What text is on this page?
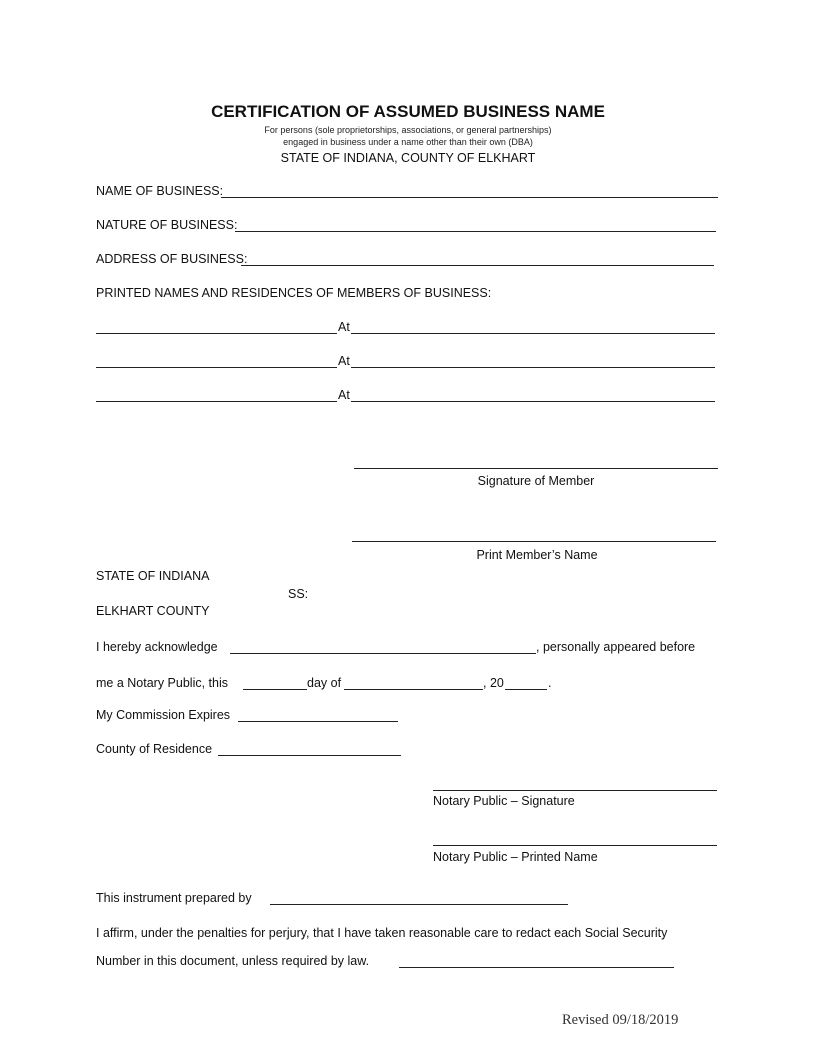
CERTIFICATION OF ASSUMED BUSINESS NAME
For persons (sole proprietorships, associations, or general partnerships)
engaged in business under a name other than their own (DBA)
STATE OF INDIANA, COUNTY OF ELKHART
NAME OF BUSINESS:
NATURE OF BUSINESS:
ADDRESS OF BUSINESS:
PRINTED NAMES AND RESIDENCES OF MEMBERS OF BUSINESS:
At
At
At
Signature of Member
Print Member’s Name
STATE OF INDIANA
SS:
ELKHART COUNTY
I hereby acknowledge	, personally appeared before
me a Notary Public, this	day of	, 20	.
My Commission Expires
County of Residence
Notary Public – Signature
Notary Public – Printed Name
This instrument prepared by
I affirm, under the penalties for perjury, that I have taken reasonable care to redact each Social Security
Number in this document, unless required by law.
Revised 09/18/2019
